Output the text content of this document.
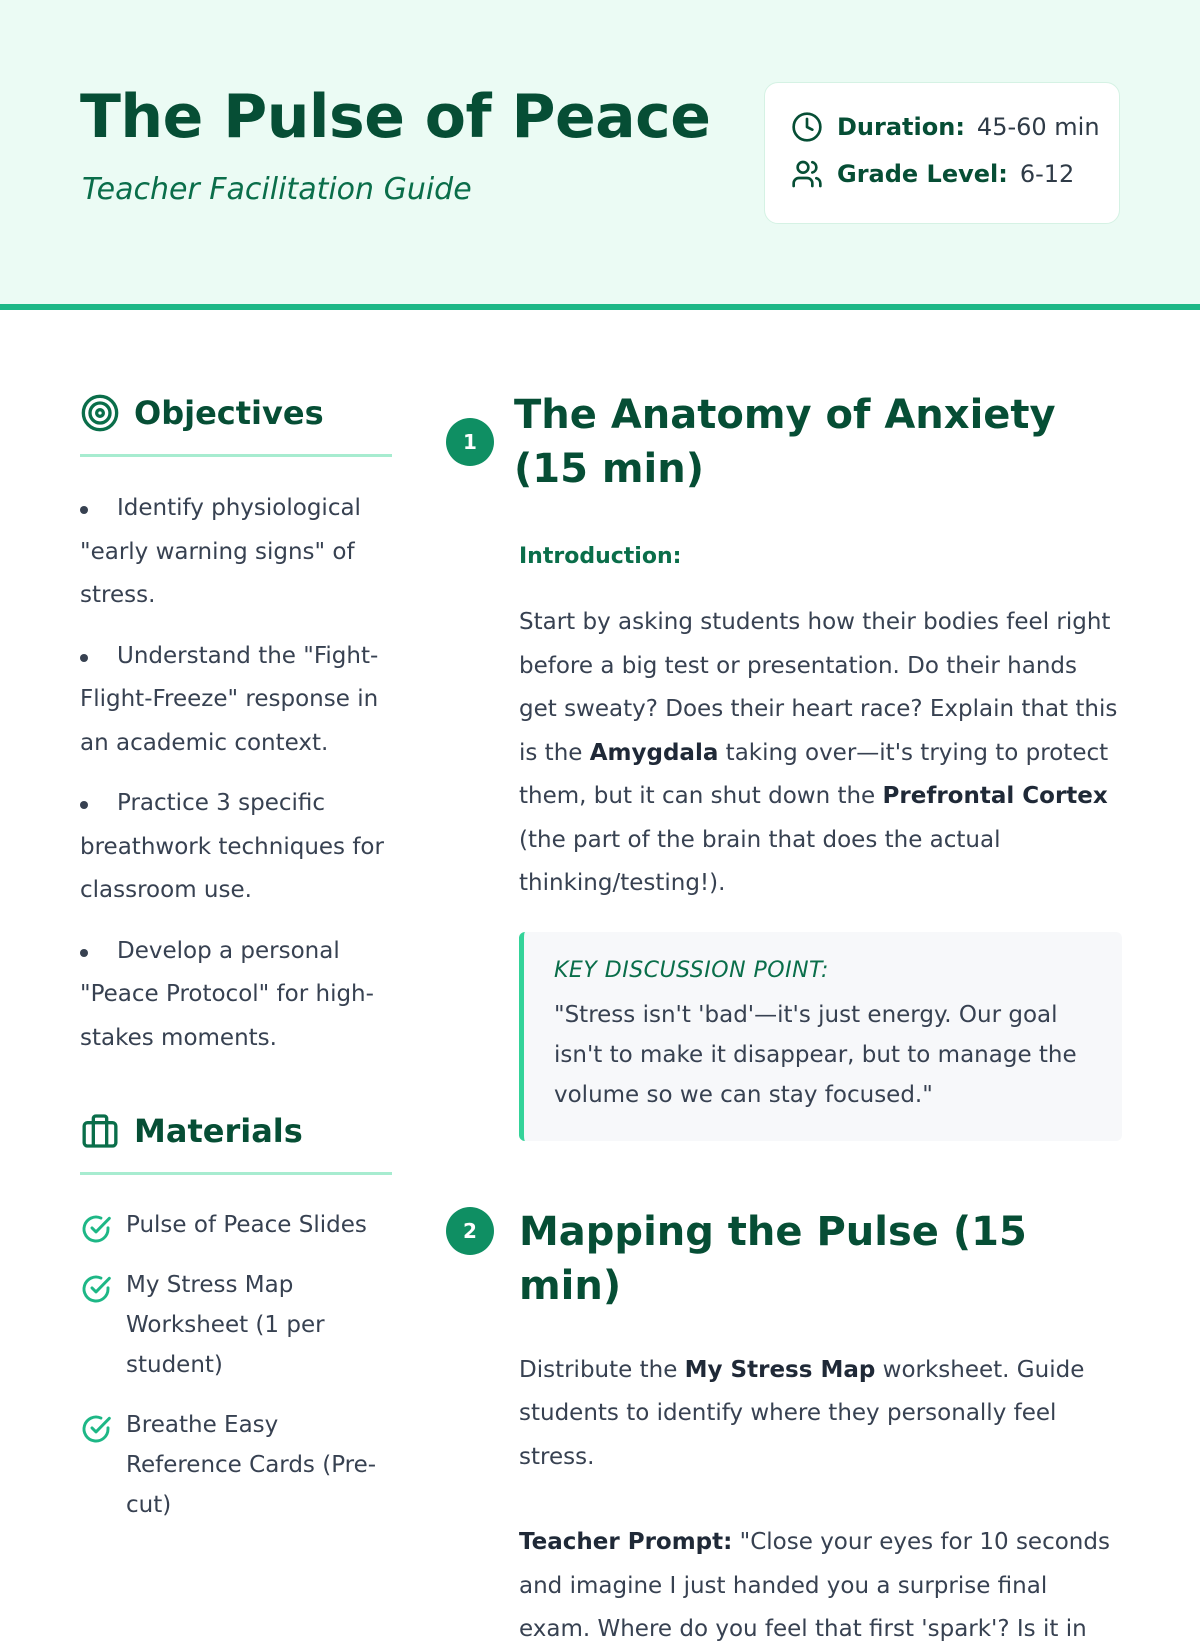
The Pulse of Peace
Teacher Facilitation Guide
Duration: 45-60 min
Grade Level: 6-12
Objectives
Identify physiological "early warning signs" of stress.
Understand the "Fight-Flight-Freeze" response in an academic context.
Practice 3 specific breathwork techniques for classroom use.
Develop a personal "Peace Protocol" for high-stakes moments.
Materials
Pulse of Peace Slides
My Stress Map Worksheet (1 per student)
Breathe Easy Reference Cards (Pre-cut)
1
The Anatomy of Anxiety (15 min)
Introduction:

Start by asking students how their bodies feel right before a big test or presentation. Do their hands get sweaty? Does their heart race? Explain that this is the Amygdala taking over—it's trying to protect them, but it can shut down the Prefrontal Cortex (the part of the brain that does the actual thinking/testing!).

KEY DISCUSSION POINT:
"Stress isn't 'bad'—it's just energy. Our goal isn't to make it disappear, but to manage the volume so we can stay focused."
2	Mapping the Pulse (15 min)

Distribute the My Stress Map worksheet. Guide students to identify where they personally feel stress.

Teacher Prompt: "Close your eyes for 10 seconds and imagine I just handed you a surprise final exam. Where do you feel that first 'spark'? Is it in
